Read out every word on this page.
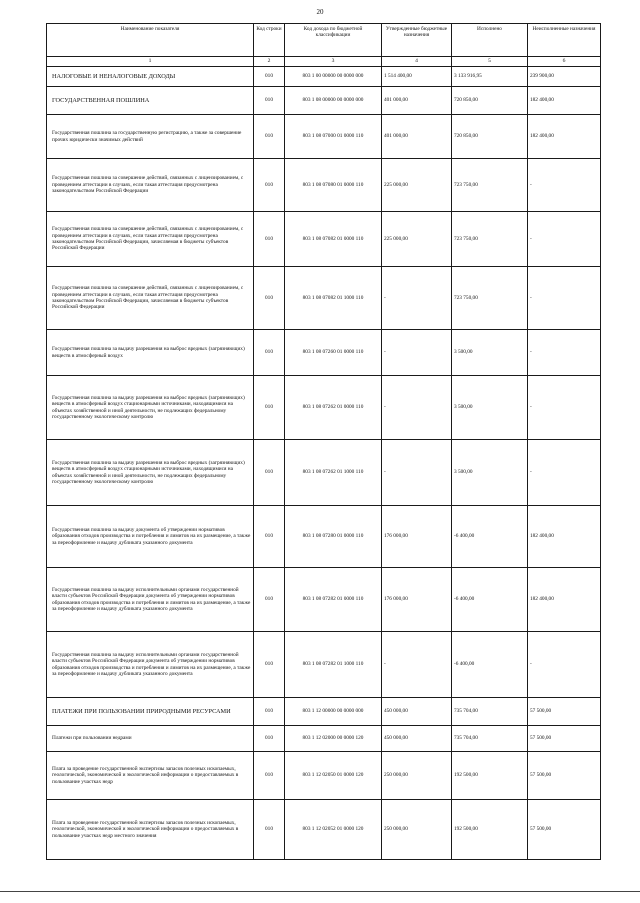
20
Наименование показателя	Код строки	Код дохода по бюджетной классификации	Утвержденные бюджетные назначения	Исполнено	Неисполненные назначения
1	2	3	4	5	6
НАЛОГОВЫЕ И НЕНАЛОГОВЫЕ ДОХОДЫ	010	803 1 00 00000 00 0000 000	1 514 400,00	3 133 916,95	239 900,00
ГОСУДАРСТВЕННАЯ ПОШЛИНА	010	803 1 08 00000 00 0000 000	401 000,00	720 850,00	182 400,00
Государственная пошлина за государственную регистрацию, а также за совершение прочих юридически значимых действий	010	803 1 08 07000 01 0000 110	401 000,00	720 850,00	182 400,00
Государственная пошлина за совершение действий, связанных с лицензированием, с проведением аттестации в случаях, если такая аттестация предусмотрена законодательством Российской Федерации	010	803 1 08 07080 01 0000 110	225 000,00	723 750,00	-
Государственная пошлина за совершение действий, связанных с лицензированием, с проведением аттестации в случаях, если такая аттестация предусмотрена законодательством Российской Федерации, зачисляемая в бюджеты субъектов Российской Федерации	010	803 1 08 07082 01 0000 110	225 000,00	723 750,00	-
Государственная пошлина за совершение действий, связанных с лицензированием, с проведением аттестации в случаях, если такая аттестация предусмотрена законодательством Российской Федерации, зачисляемая в бюджеты субъектов Российской Федерации	010	803 1 08 07082 01 1000 110	-	723 750,00	-
Государственная пошлина за выдачу разрешения на выброс вредных (загрязняющих) веществ в атмосферный воздух	010	803 1 08 07260 01 0000 110	-	3 500,00	-
Государственная пошлина за выдачу разрешения на выброс вредных (загрязняющих) веществ в атмосферный воздух стационарными источниками, находящимися на объектах хозяйственной и иной деятельности, не подлежащих федеральному государственному экологическому контролю	010	803 1 08 07262 01 0000 110	-	3 500,00	-
Государственная пошлина за выдачу разрешения на выброс вредных (загрязняющих) веществ в атмосферный воздух стационарными источниками, находящимися на объектах хозяйственной и иной деятельности, не подлежащих федеральному государственному экологическому контролю	010	803 1 08 07262 01 1000 110	-	3 500,00	-
Государственная пошлина за выдачу документа об утверждении нормативов образования отходов производства и потребления и лимитов на их размещение, а также за переоформление и выдачу дубликата указанного документа	010	803 1 08 07280 01 0000 110	176 000,00	-6 400,00	182 400,00
Государственная пошлина за выдачу исполнительными органами государственной власти субъектов Российской Федерации документа об утверждении нормативов образования отходов производства и потребления и лимитов на их размещение, а также за переоформление и выдачу дубликата указанного документа	010	803 1 08 07282 01 0000 110	176 000,00	-6 400,00	182 400,00
Государственная пошлина за выдачу исполнительными органами государственной власти субъектов Российской Федерации документа об утверждении нормативов образования отходов производства и потребления и лимитов на их размещение, а также за переоформление и выдачу дубликата указанного документа	010	803 1 08 07282 01 1000 110	-	-6 400,00	-
ПЛАТЕЖИ ПРИ ПОЛЬЗОВАНИИ ПРИРОДНЫМИ РЕСУРСАМИ	010	803 1 12 00000 00 0000 000	450 000,00	735 704,00	57 500,00
Платежи при пользовании недрами	010	803 1 12 02000 00 0000 120	450 000,00	735 704,00	57 500,00
Плата за проведение государственной экспертизы запасов полезных ископаемых, геологической, экономической и экологической информации о предоставляемых в пользование участках недр	010	803 1 12 02050 01 0000 120	250 000,00	192 500,00	57 500,00
Плата за проведение государственной экспертизы запасов полезных ископаемых, геологической, экономической и экологической информации о предоставляемых в пользование участках недр местного значения	010	803 1 12 02052 01 0000 120	250 000,00	192 500,00	57 500,00
